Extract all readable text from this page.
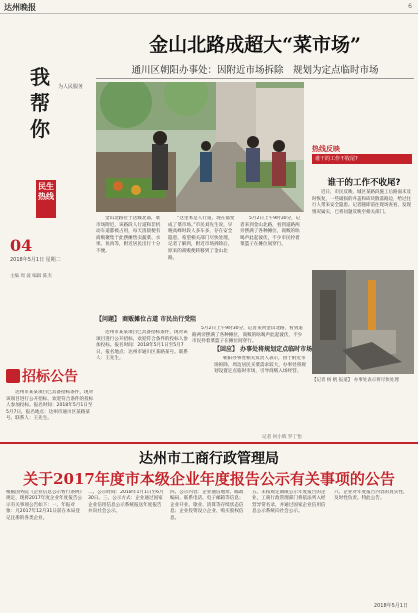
达州晚报	6
为人民服务
我帮你
民生热线
04
2018年5月1日 星期二
主编 周 波 编辑 陈杰
金山北路成超大“菜市场”
通川区朝阳办事处：因附近市场拆除　规划为定点临时市场
热线反映
谁干的工作不收尾?
谁干的工作不收尾?
近日，市民反映，城区某路段施工后路面未及时恢复，一些破损的井盖和砖块散落路边，给过往行人带来安全隐患。记者随即前往现场查看，发现情况属实，已将问题反映至相关部门。
【记者 杨 帆 报道】 办事处表示将尽快处理
金山北路位于达城北部，菜市场附近，该路段人行道和非机动车道都被占用，每天清晨便有商贩聚集于此摆摊售卖蔬菜、水果、鱼肉等，附近居民出行十分不便。
“这里本是人行道，现在都变成了菜市场。”市民刘先生说，早晚高峰时段人多车多，存在安全隐患，希望相关部门尽快处理。记者了解到，附近市场拆除后，原来的商贩便转移到了金山北路。
5月2日上午9时30分，记者来到金山北路，看到道路两旁摆满了各种摊位，商贩的吆喝声此起彼伏，不少市民拎着菜篮子在摊位间穿行。
【问题】 商贩摊位占道 市民出行受阻
5月2日上午9时30分，记者来到金山北路，看到道路两旁摆满了各种摊位，商贩的吆喝声此起彼伏，不少市民拎着菜篮子在摊位间穿行。
【回应】 办事处将规划定点临时市场
朝阳办事处相关负责人表示，由于附近市场拆除，周边居民买菜需求较大，办事处将规划设置定点临时市场，引导商贩入场经营。
记者 何小辉 罗丁怡
达州市某某项目已具备招标条件，现对该项目进行公开招标，欢迎符合条件的投标人参加投标。报名时间：2018年5月1日至5月7日，报名地点：达州市通川区某路某号。联系人：王先生。
招标公告
达州市某某项目已具备招标条件，现对该项目进行公开招标，欢迎符合条件的投标人参加投标。报名时间：2018年5月1日至5月7日，报名地点：达州市通川区某路某号。联系人：王先生。
达州市工商行政管理局
关于2017年度市本级企业年度报告公示有关事项的公告
根据国务院《企业信息公示暂行条例》规定，现将2017年度企业年度报告公示有关事项公告如下：一、年报对象：凡2017年12月31日前在本局登记注册的各类企业。
二、公示时间：2018年1月1日至6月30日。三、公示方式：企业通过国家企业信用信息公示系统报送年度报告并向社会公示。
四、公示内容：企业通信地址、邮政编码、联系电话、电子邮箱等信息；企业开业、歇业、清算等存续状态信息；企业投资设立企业、购买股权信息。
五、未按规定期限公示年度报告的企业，工商行政管理部门将依法列入经营异常名录，并通过国家企业信用信息公示系统向社会公示。
六、企业对年度报告内容的真实性、及时性负责。特此公告。
2018年5月1日
